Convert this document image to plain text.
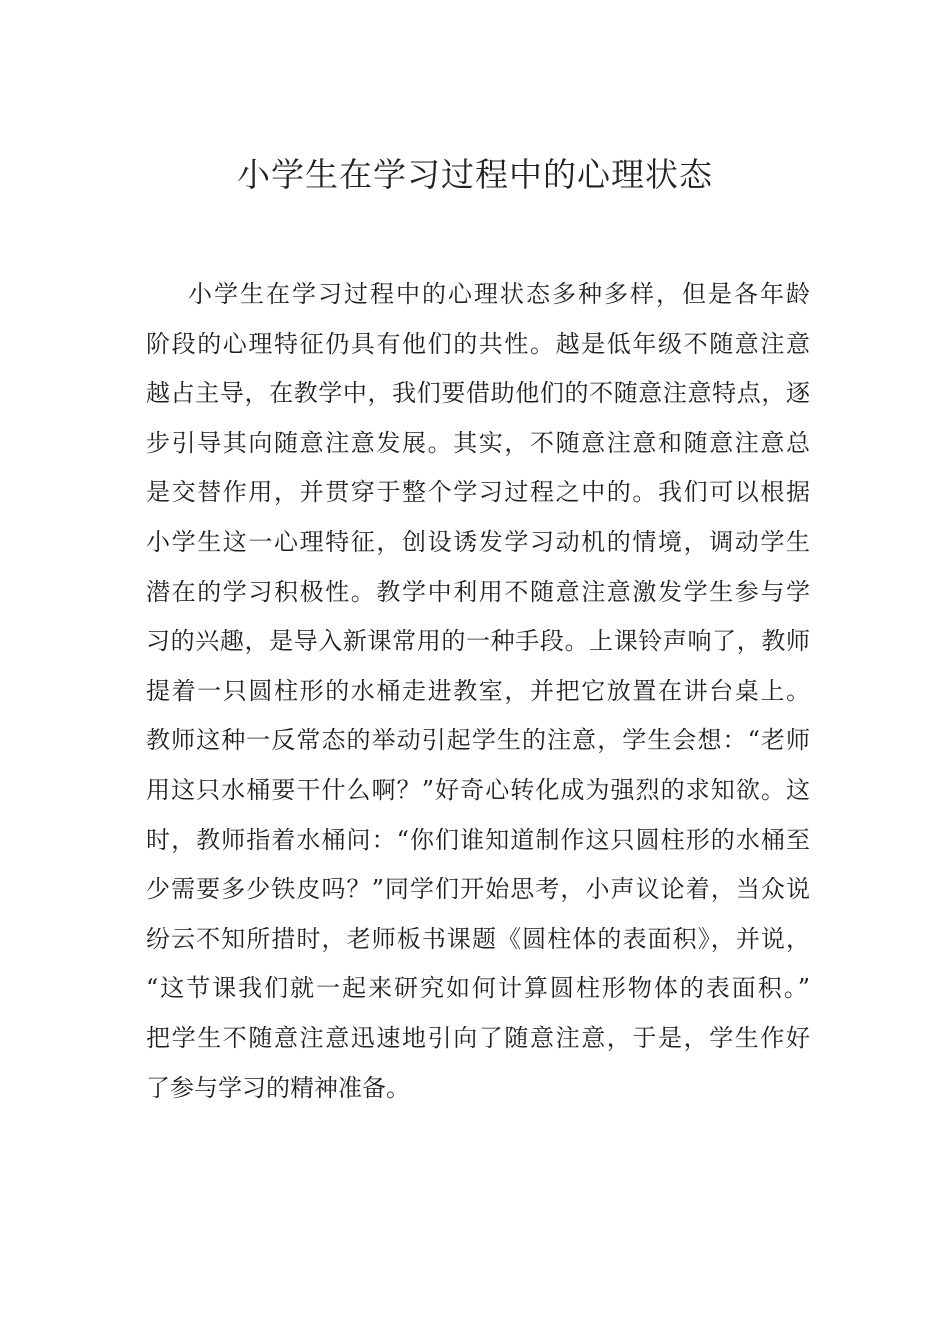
小学生在学习过程中的心理状态
小学生在学习过程中的心理状态多种多样，但是各年龄
阶段的心理特征仍具有他们的共性。越是低年级不随意注意
越占主导，在教学中，我们要借助他们的不随意注意特点，逐
步引导其向随意注意发展。其实，不随意注意和随意注意总
是交替作用，并贯穿于整个学习过程之中的。我们可以根据
小学生这一心理特征，创设诱发学习动机的情境，调动学生
潜在的学习积极性。教学中利用不随意注意激发学生参与学
习的兴趣，是导入新课常用的一种手段。上课铃声响了，教师
提着一只圆柱形的水桶走进教室，并把它放置在讲台桌上。
教师这种一反常态的举动引起学生的注意，学生会想：“老师
用这只水桶要干什么啊？”好奇心转化成为强烈的求知欲。这
时，教师指着水桶问：“你们谁知道制作这只圆柱形的水桶至
少需要多少铁皮吗？”同学们开始思考，小声议论着，当众说
纷云不知所措时，老师板书课题《圆柱体的表面积》，并说，
“这节课我们就一起来研究如何计算圆柱形物体的表面积。”
把学生不随意注意迅速地引向了随意注意，于是，学生作好
了参与学习的精神准备。
